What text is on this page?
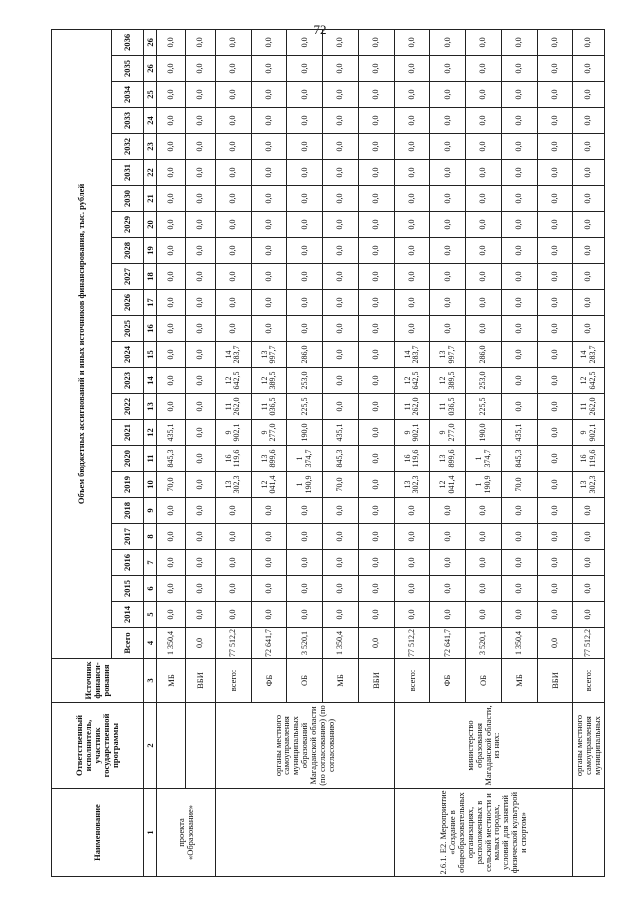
72
Наименование	Ответственный исполнитель, участник государственной программы	Источник финанси-рования	Объем бюджетных ассигнований и иных источников финансирования, тыс. рублей																							
			Всего	2014	2015	2016	2017	2018	2019	2020	2021	2022	2023	2024	2025	2026	2027	2028	2029	2030	2031	2032	2033	2034	2035	2036
1	2	3	4	5	6	7	8	9	10	11	12	13	14	15	16	17	18	19	20	21	22	23	24	25	26	26
проекта «Образование»		МБ	1 350,4	0,0	0,0	0,0	0,0	0,0	70,0	845,3	435,1	0,0	0,0	0,0	0,0	0,0	0,0	0,0	0,0	0,0	0,0	0,0	0,0	0,0	0,0	0,0
		ВБИ	0,0	0,0	0,0	0,0	0,0	0,0	0,0	0,0	0,0	0,0	0,0	0,0	0,0	0,0	0,0	0,0	0,0	0,0	0,0	0,0	0,0	0,0	0,0	0,0
	органы местного самоуправления муниципальных образований Магаданской области (по согласованию) (по согласованию)	всего:	77 512,2	0,0	0,0	0,0	0,0	0,0	13 302,3	16 119,6	9 902,1	11 262,0	12 642,5	14 283,7	0,0	0,0	0,0	0,0	0,0	0,0	0,0	0,0	0,0	0,0	0,0	0,0
		ФБ	72 641,7	0,0	0,0	0,0	0,0	0,0	12 041,4	13 899,6	9 277,0	11 036,5	12 389,5	13 997,7	0,0	0,0	0,0	0,0	0,0	0,0	0,0	0,0	0,0	0,0	0,0	0,0
		ОБ	3 520,1	0,0	0,0	0,0	0,0	0,0	1 190,9	1 374,7	190,0	225,5	253,0	286,0	0,0	0,0	0,0	0,0	0,0	0,0	0,0	0,0	0,0	0,0	0,0	0,0
		МБ	1 350,4	0,0	0,0	0,0	0,0	0,0	70,0	845,3	435,1	0,0	0,0	0,0	0,0	0,0	0,0	0,0	0,0	0,0	0,0	0,0	0,0	0,0	0,0	0,0
		ВБИ	0,0	0,0	0,0	0,0	0,0	0,0	0,0	0,0	0,0	0,0	0,0	0,0	0,0	0,0	0,0	0,0	0,0	0,0	0,0	0,0	0,0	0,0	0,0	0,0
2.6.1. Е2. Мероприятие «Создание в общеобразовательных организациях, расположенных в сельской местности и малых городах, условий для занятий физической культурой и спортом»	министерство образования Магаданской области, из них:	всего:	77 512,2	0,0	0,0	0,0	0,0	0,0	13 302,3	16 119,6	9 902,1	11 262,0	12 642,5	14 283,7	0,0	0,0	0,0	0,0	0,0	0,0	0,0	0,0	0,0	0,0	0,0	0,0
		ФБ	72 641,7	0,0	0,0	0,0	0,0	0,0	12 041,4	13 899,6	9 277,0	11 036,5	12 389,5	13 997,7	0,0	0,0	0,0	0,0	0,0	0,0	0,0	0,0	0,0	0,0	0,0	0,0
		ОБ	3 520,1	0,0	0,0	0,0	0,0	0,0	1 190,9	1 374,7	190,0	225,5	253,0	286,0	0,0	0,0	0,0	0,0	0,0	0,0	0,0	0,0	0,0	0,0	0,0	0,0
		МБ	1 350,4	0,0	0,0	0,0	0,0	0,0	70,0	845,3	435,1	0,0	0,0	0,0	0,0	0,0	0,0	0,0	0,0	0,0	0,0	0,0	0,0	0,0	0,0	0,0
		ВБИ	0,0	0,0	0,0	0,0	0,0	0,0	0,0	0,0	0,0	0,0	0,0	0,0	0,0	0,0	0,0	0,0	0,0	0,0	0,0	0,0	0,0	0,0	0,0	0,0
	органы местного самоуправления муниципальных	всего:	77 512,2	0,0	0,0	0,0	0,0	0,0	13 302,3	16 119,6	9 902,1	11 262,0	12 642,5	14 283,7	0,0	0,0	0,0	0,0	0,0	0,0	0,0	0,0	0,0	0,0	0,0	0,0
